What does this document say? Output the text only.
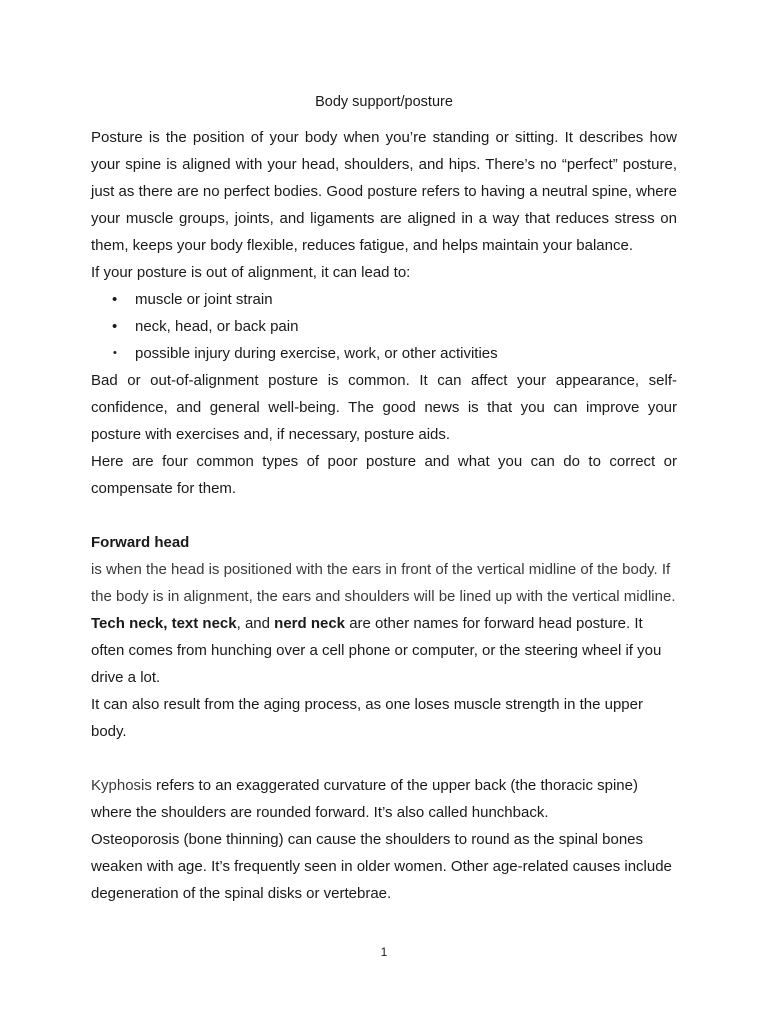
Body support/posture

Posture is the position of your body when you’re standing or sitting. It describes how your spine is aligned with your head, shoulders, and hips. There’s no “perfect” posture, just as there are no perfect bodies. Good posture refers to having a neutral spine, where your muscle groups, joints, and ligaments are aligned in a way that reduces stress on them, keeps your body flexible, reduces fatigue, and helps maintain your balance.

If your posture is out of alignment, it can lead to:

• muscle or joint strain
• neck, head, or back pain
• possible injury during exercise, work, or other activities

Bad or out-of-alignment posture is common. It can affect your appearance, self-confidence, and general well-being. The good news is that you can improve your posture with exercises and, if necessary, posture aids.

Here are four common types of poor posture and what you can do to correct or compensate for them.

Forward head

is when the head is positioned with the ears in front of the vertical midline of the body. If the body is in alignment, the ears and shoulders will be lined up with the vertical midline.

Tech neck, text neck, and nerd neck are other names for forward head posture. It often comes from hunching over a cell phone or computer, or the steering wheel if you drive a lot.

It can also result from the aging process, as one loses muscle strength in the upper body.

Kyphosis refers to an exaggerated curvature of the upper back (the thoracic spine) where the shoulders are rounded forward. It’s also called hunchback.

Osteoporosis (bone thinning) can cause the shoulders to round as the spinal bones weaken with age. It’s frequently seen in older women. Other age-related causes include degeneration of the spinal disks or vertebrae.

1
